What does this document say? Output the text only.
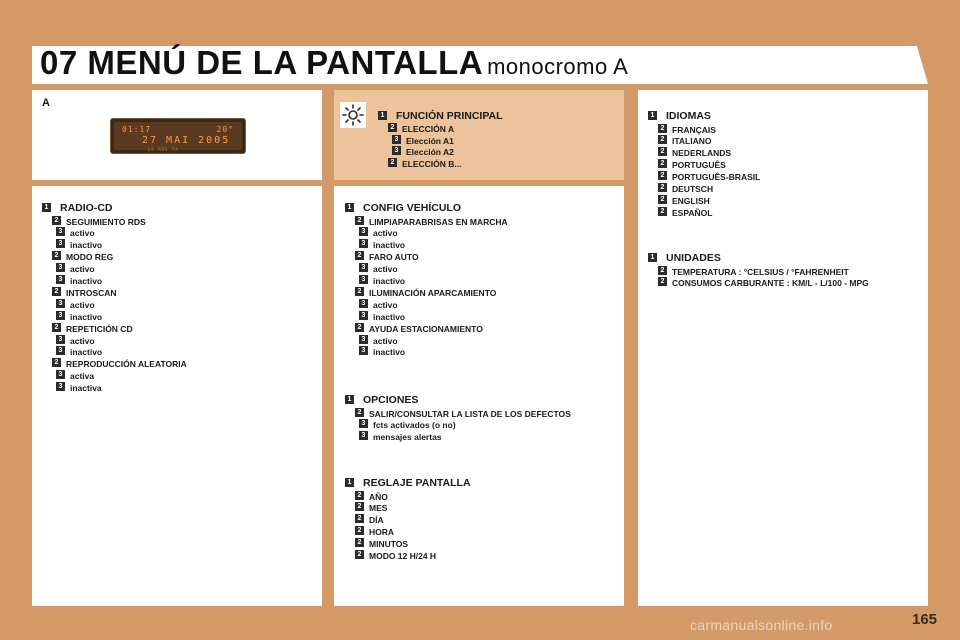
07 MENÚ DE LA PANTALLA monocromo A
A
01:17	20°
27 MAI 2005
LE RDS TA
1 FUNCIÓN PRINCIPAL
2 ELECCIÓN A
3 Elección A1
3 Elección A2
2 ELECCIÓN B...
1 RADIO-CD
2 SEGUIMIENTO RDS
3 activo
3 inactivo
2 MODO REG
3 activo
3 inactivo
2 INTROSCAN
3 activo
3 inactivo
2 REPETICIÓN CD
3 activo
3 inactivo
2 REPRODUCCIÓN ALEATORIA
3 activa
3 inactiva
1 CONFIG VEHÍCULO
2 LIMPIAPARABRISAS EN MARCHA
3 activo
3 inactivo
2 FARO AUTO
3 activo
3 inactivo
2 ILUMINACIÓN APARCAMIENTO
3 activo
3 inactivo
2 AYUDA ESTACIONAMIENTO
3 activo
3 inactivo
1 OPCIONES
2 SALIR/CONSULTAR LA LISTA DE LOS DEFECTOS
3 fcts activados (o no)
3 mensajes alertas
1 REGLAJE PANTALLA
2 AÑO
2 MES
2 DÍA
2 HORA
2 MINUTOS
2 MODO 12 H/24 H
1 IDIOMAS
2 FRANÇAIS
2 ITALIANO
2 NEDERLANDS
2 PORTUGUÊS
2 PORTUGUÊS-BRASIL
2 DEUTSCH
2 ENGLISH
2 ESPAÑOL
1 UNIDADES
2 TEMPERATURA : °CELSIUS / °FAHRENHEIT
2 CONSUMOS CARBURANTE : KM/L - L/100 - MPG
165
carmanualsonline.info
